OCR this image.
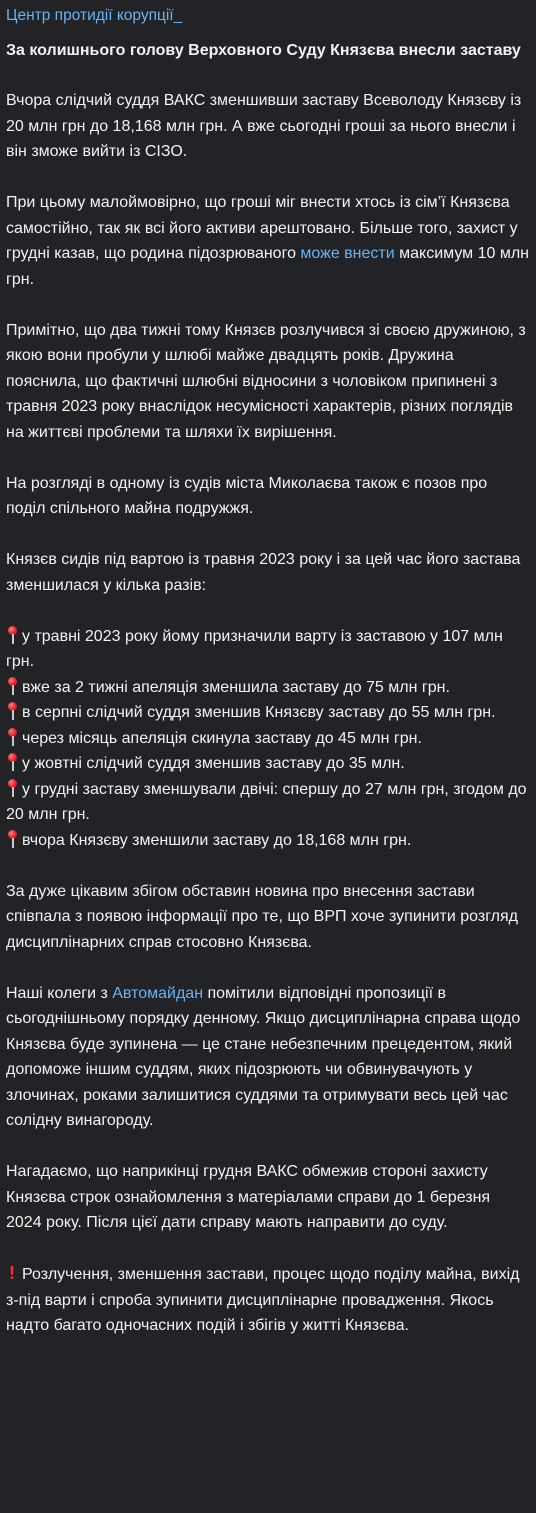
Центр протидії корупції_
За колишнього голову Верховного Суду Князєва внесли заставу
Вчора слідчий суддя ВАКС зменшивши заставу Всеволоду Князєву із 20 млн грн до 18,168 млн грн. А вже сьогодні гроші за нього внесли і він зможе вийти із СІЗО.
При цьому малоймовірно, що гроші міг внести хтось із сім’ї Князєва самостійно, так як всі його активи арештовано. Більше того, захист у грудні казав, що родина підозрюваного може внести максимум 10 млн грн.
Примітно, що два тижні тому Князєв розлучився зі своєю дружиною, з якою вони пробули у шлюбі майже двадцять років. Дружина пояснила, що фактичні шлюбні відносини з чоловіком припинені з травня 2023 року внаслідок несумісності характерів, різних поглядів на життєві проблеми та шляхи їх вирішення.
На розгляді в одному із судів міста Миколаєва також є позов про поділ спільного майна подружжя.
Князєв сидів під вартою із травня 2023 року і за цей час його застава зменшилася у кілька разів:
у травні 2023 року йому призначили варту із заставою у 107 млн грн.
вже за 2 тижні апеляція зменшила заставу до 75 млн грн.
в серпні слідчий суддя зменшив Князєву заставу до 55 млн грн.
через місяць апеляція скинула заставу до 45 млн грн.
у жовтні слідчий суддя зменшив заставу до 35 млн.
у грудні заставу зменшували двічі: спершу до 27 млн грн, згодом до 20 млн грн.
вчора Князєву зменшили заставу до 18,168 млн грн.
За дуже цікавим збігом обставин новина про внесення застави співпала з появою інформації про те, що ВРП хоче зупинити розгляд дисциплінарних справ стосовно Князєва.
Наші колеги з Автомайдан помітили відповідні пропозиції в сьогоднішньому порядку денному. Якщо дисциплінарна справа щодо Князєва буде зупинена — це стане небезпечним прецедентом, який допоможе іншим суддям, яких підозрюють чи обвинувачують у злочинах, роками залишитися суддями та отримувати весь цей час солідну винагороду.
Нагадаємо, що наприкінці грудня ВАКС обмежив стороні захисту Князєва строк ознайомлення з матеріалами справи до 1 березня 2024 року. Після цієї дати справу мають направити до суду.
! Розлучення, зменшення застави, процес щодо поділу майна, вихід з-під варти і спроба зупинити дисциплінарне провадження. Якось надто багато одночасних подій і збігів у житті Князєва.
